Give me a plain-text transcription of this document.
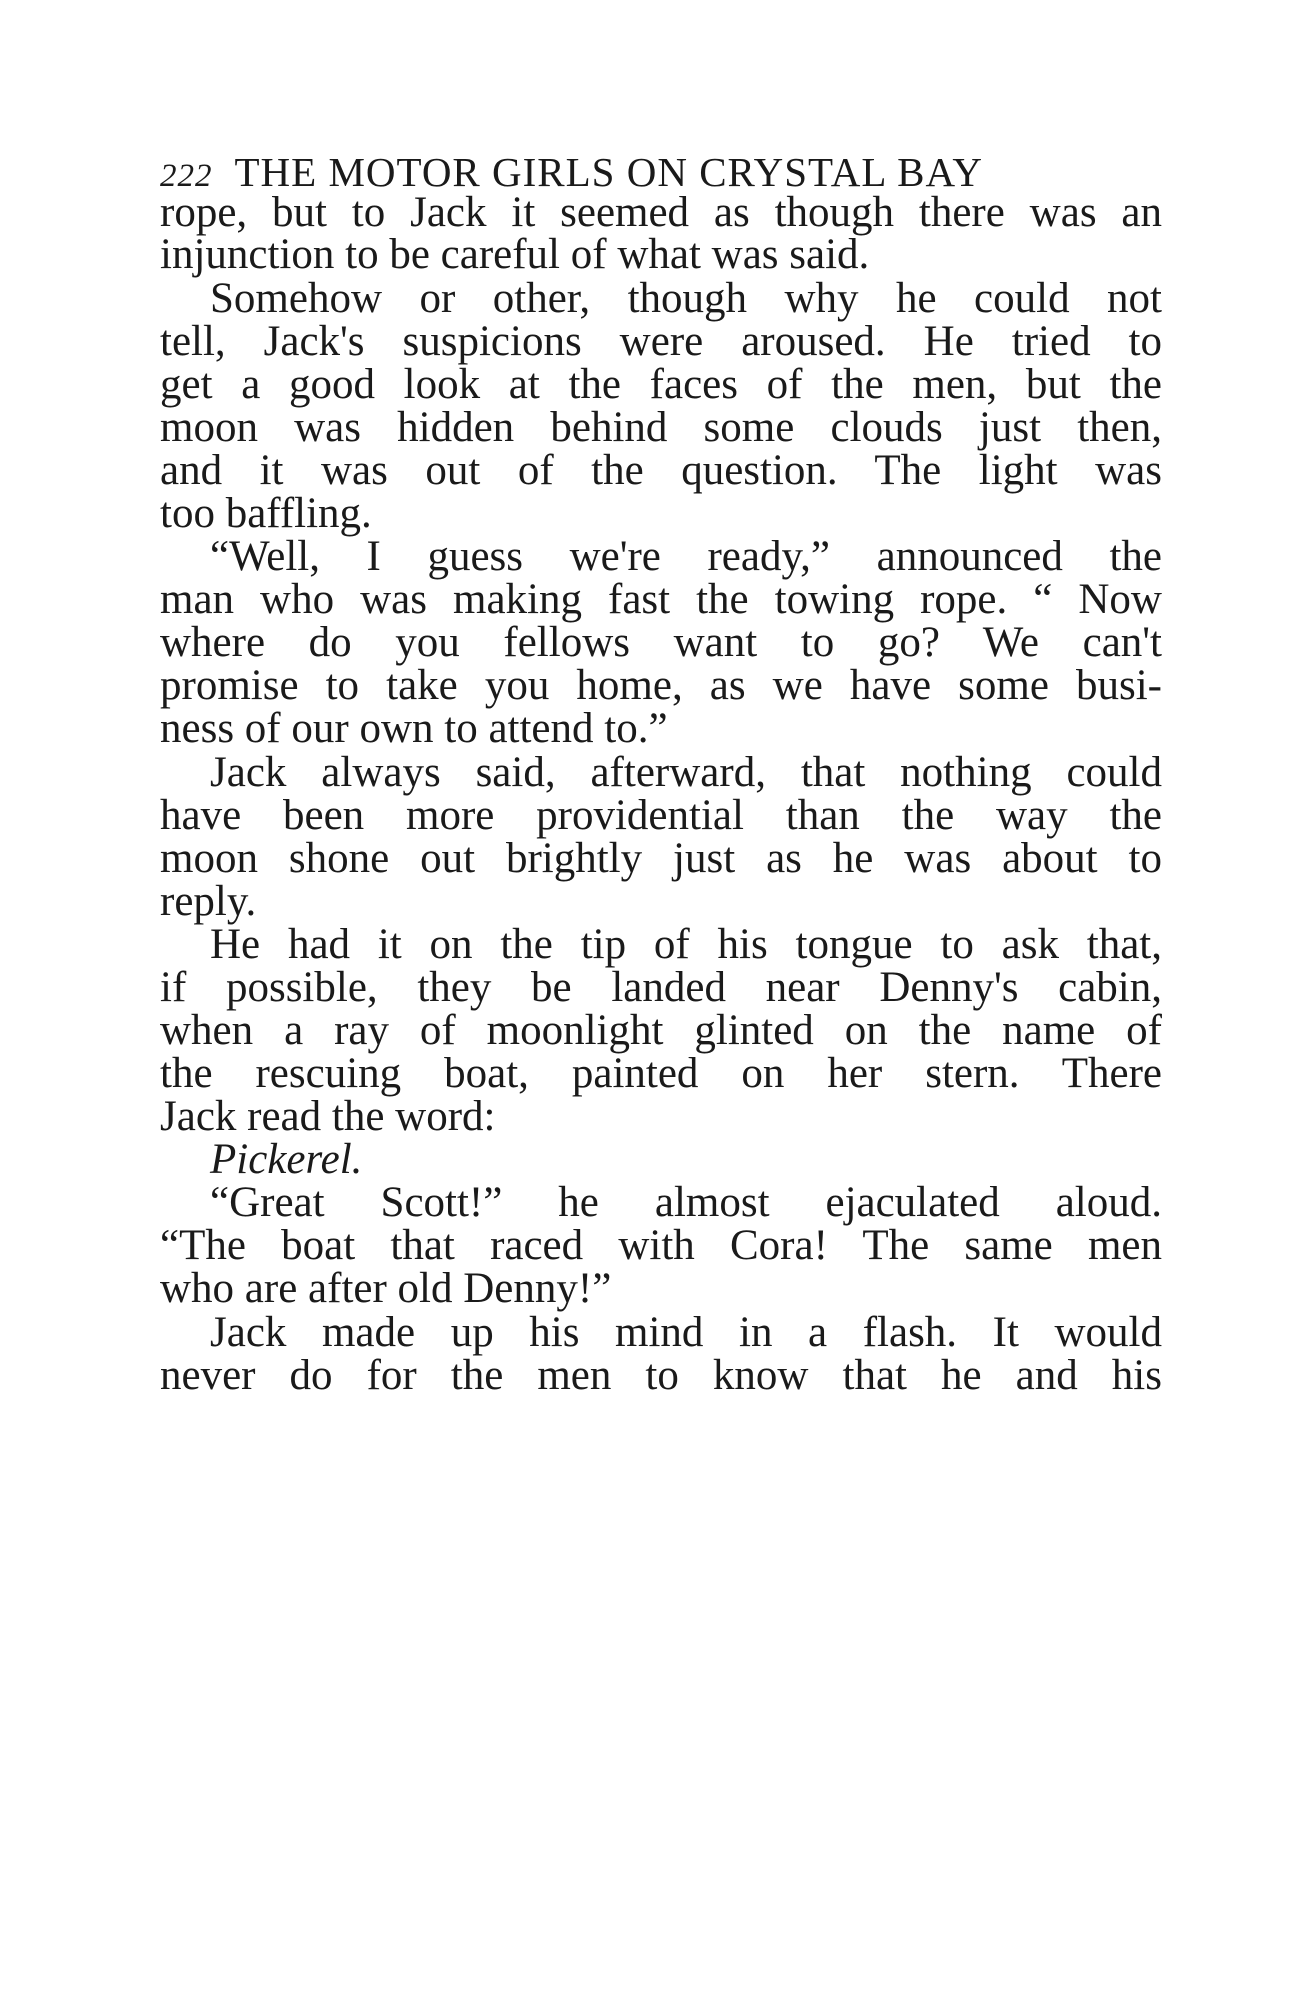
222 THE MOTOR GIRLS ON CRYSTAL BAY
rope, but to Jack it seemed as though there was an
injunction to be careful of what was said.
Somehow or other, though why he could not
tell, Jack's suspicions were aroused. He tried to
get a good look at the faces of the men, but the
moon was hidden behind some clouds just then,
and it was out of the question. The light was
too baffling.
“Well, I guess we're ready,” announced the
man who was making fast the towing rope. “ Now
where do you fellows want to go? We can't
promise to take you home, as we have some busi-
ness of our own to attend to.”
Jack always said, afterward, that nothing could
have been more providential than the way the
moon shone out brightly just as he was about to
reply.
He had it on the tip of his tongue to ask that,
if possible, they be landed near Denny's cabin,
when a ray of moonlight glinted on the name of
the rescuing boat, painted on her stern. There
Jack read the word:
Pickerel.
“Great Scott!” he almost ejaculated aloud.
“The boat that raced with Cora! The same men
who are after old Denny!”
Jack made up his mind in a flash. It would
never do for the men to know that he and his
